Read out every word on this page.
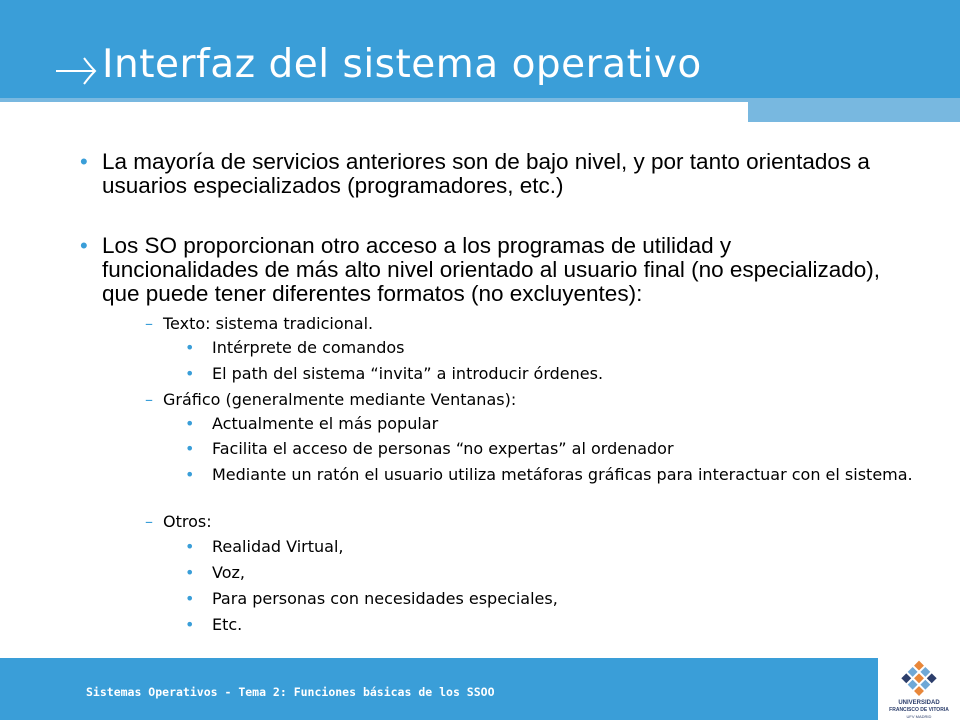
Interfaz del sistema operativo
• La mayoría de servicios anteriores son de bajo nivel, y por tanto orientados a usuarios especializados (programadores, etc.)
• Los SO proporcionan otro acceso a los programas de utilidad y funcionalidades de más alto nivel orientado al usuario final (no especializado), que puede tener diferentes formatos (no excluyentes):
– Texto: sistema tradicional.
• Intérprete de comandos
• El path del sistema “invita” a introducir órdenes.
– Gráfico (generalmente mediante Ventanas):
• Actualmente el más popular
• Facilita el acceso de personas “no expertas” al ordenador
• Mediante un ratón el usuario utiliza metáforas gráficas para interactuar con el sistema.
– Otros:
• Realidad Virtual,
• Voz,
• Para personas con necesidades especiales,
• Etc.
Sistemas Operativos - Tema 2: Funciones básicas de los SSOO
UNIVERSIDAD
FRANCISCO DE VITORIA
UFV MADRID
